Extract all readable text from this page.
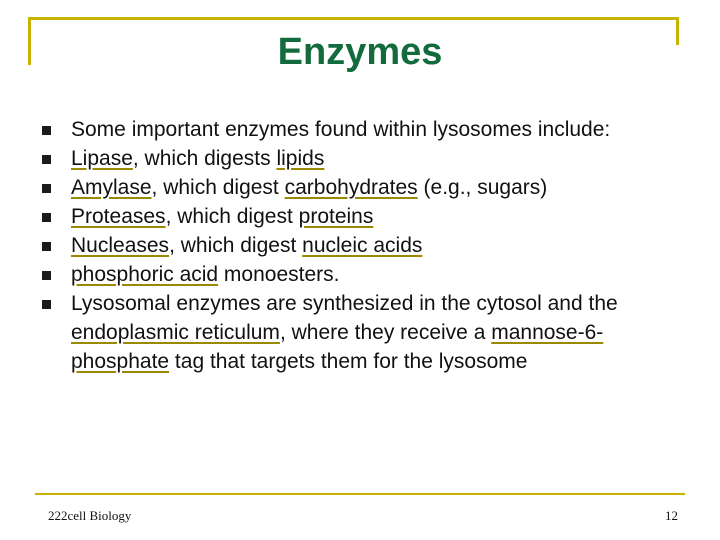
Enzymes
Some important enzymes found within lysosomes include:
Lipase, which digests lipids
Amylase, which digest carbohydrates (e.g., sugars)
Proteases, which digest proteins
Nucleases, which digest nucleic acids
phosphoric acid monoesters.
Lysosomal enzymes are synthesized in the cytosol and the endoplasmic reticulum, where they receive a mannose-6-phosphate tag that targets them for the lysosome
222cell Biology	12
